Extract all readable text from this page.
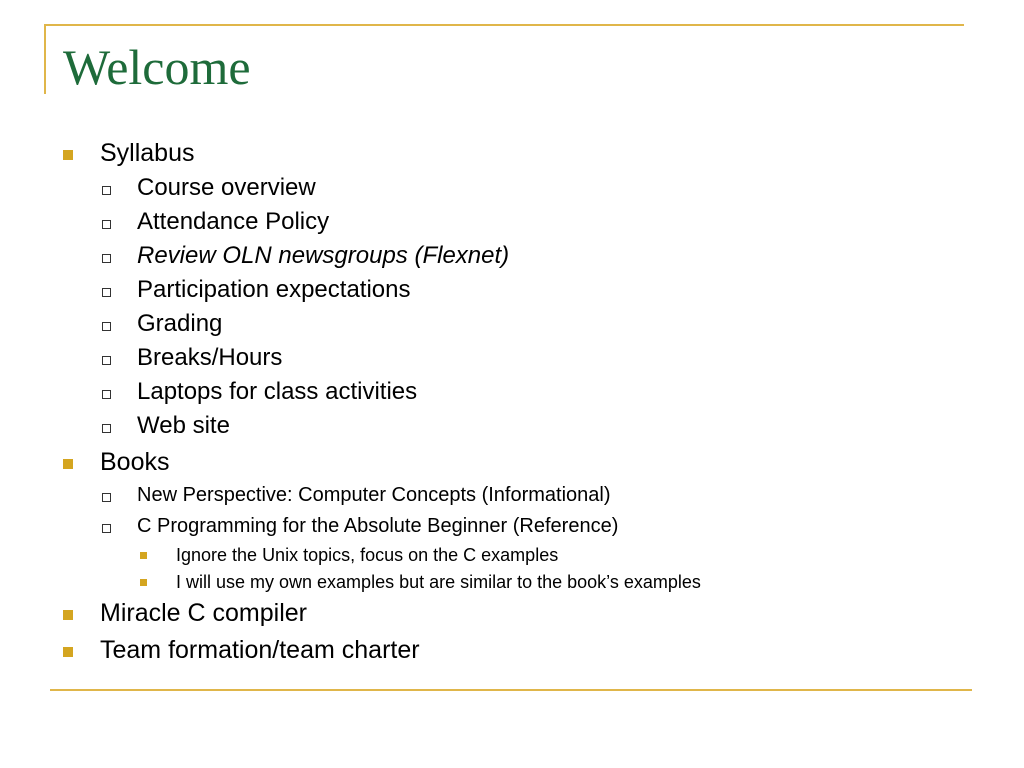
Welcome
Syllabus
Course overview
Attendance Policy
Review OLN newsgroups (Flexnet)
Participation expectations
Grading
Breaks/Hours
Laptops for class activities
Web site
Books
New Perspective: Computer Concepts (Informational)
C Programming for the Absolute Beginner (Reference)
Ignore the Unix topics, focus on the C examples
I will use my own examples but are similar to the book’s examples
Miracle C compiler
Team formation/team charter
